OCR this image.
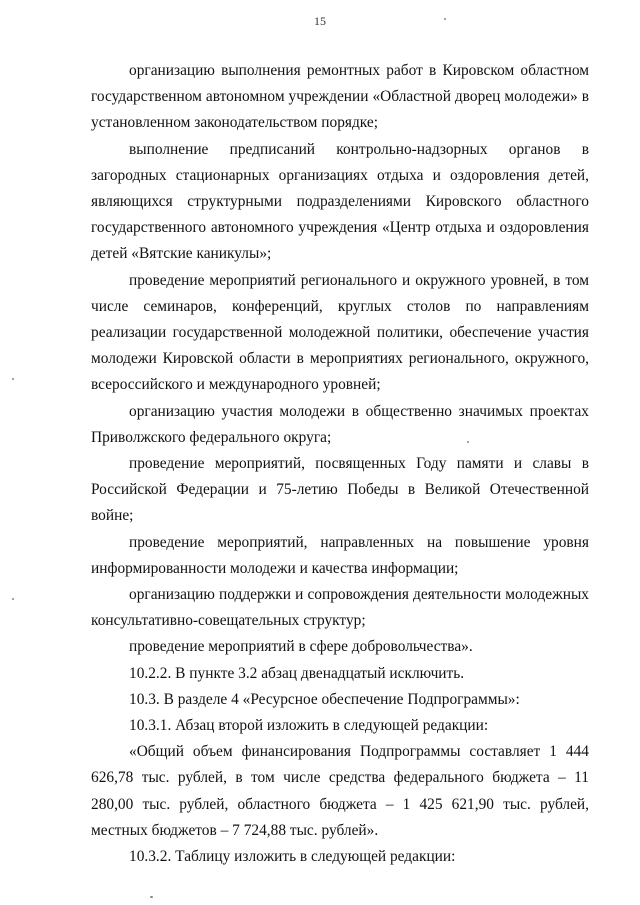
15

организацию выполнения ремонтных работ в Кировском областном государственном автономном учреждении «Областной дворец молодежи» в установленном законодательством порядке;

выполнение предписаний контрольно-надзорных органов в загородных стационарных организациях отдыха и оздоровления детей, являющихся структурными подразделениями Кировского областного государственного автономного учреждения «Центр отдыха и оздоровления детей «Вятские каникулы»;

проведение мероприятий регионального и окружного уровней, в том числе семинаров, конференций, круглых столов по направлениям реализации государственной молодежной политики, обеспечение участия молодежи Кировской области в мероприятиях регионального, окружного, всероссийского и международного уровней;

организацию участия молодежи в общественно значимых проектах Приволжского федерального округа;

проведение мероприятий, посвященных Году памяти и славы в Российской Федерации и 75-летию Победы в Великой Отечественной войне;

проведение мероприятий, направленных на повышение уровня информированности молодежи и качества информации;

организацию поддержки и сопровождения деятельности молодежных консультативно-совещательных структур;

проведение мероприятий в сфере добровольчества».

10.2.2. В пункте 3.2 абзац двенадцатый исключить.

10.3. В разделе 4 «Ресурсное обеспечение Подпрограммы»:

10.3.1. Абзац второй изложить в следующей редакции:

«Общий объем финансирования Подпрограммы составляет 1 444 626,78 тыс. рублей, в том числе средства федерального бюджета – 11 280,00 тыс. рублей, областного бюджета – 1 425 621,90 тыс. рублей, местных бюджетов – 7 724,88 тыс. рублей».

10.3.2. Таблицу изложить в следующей редакции:
